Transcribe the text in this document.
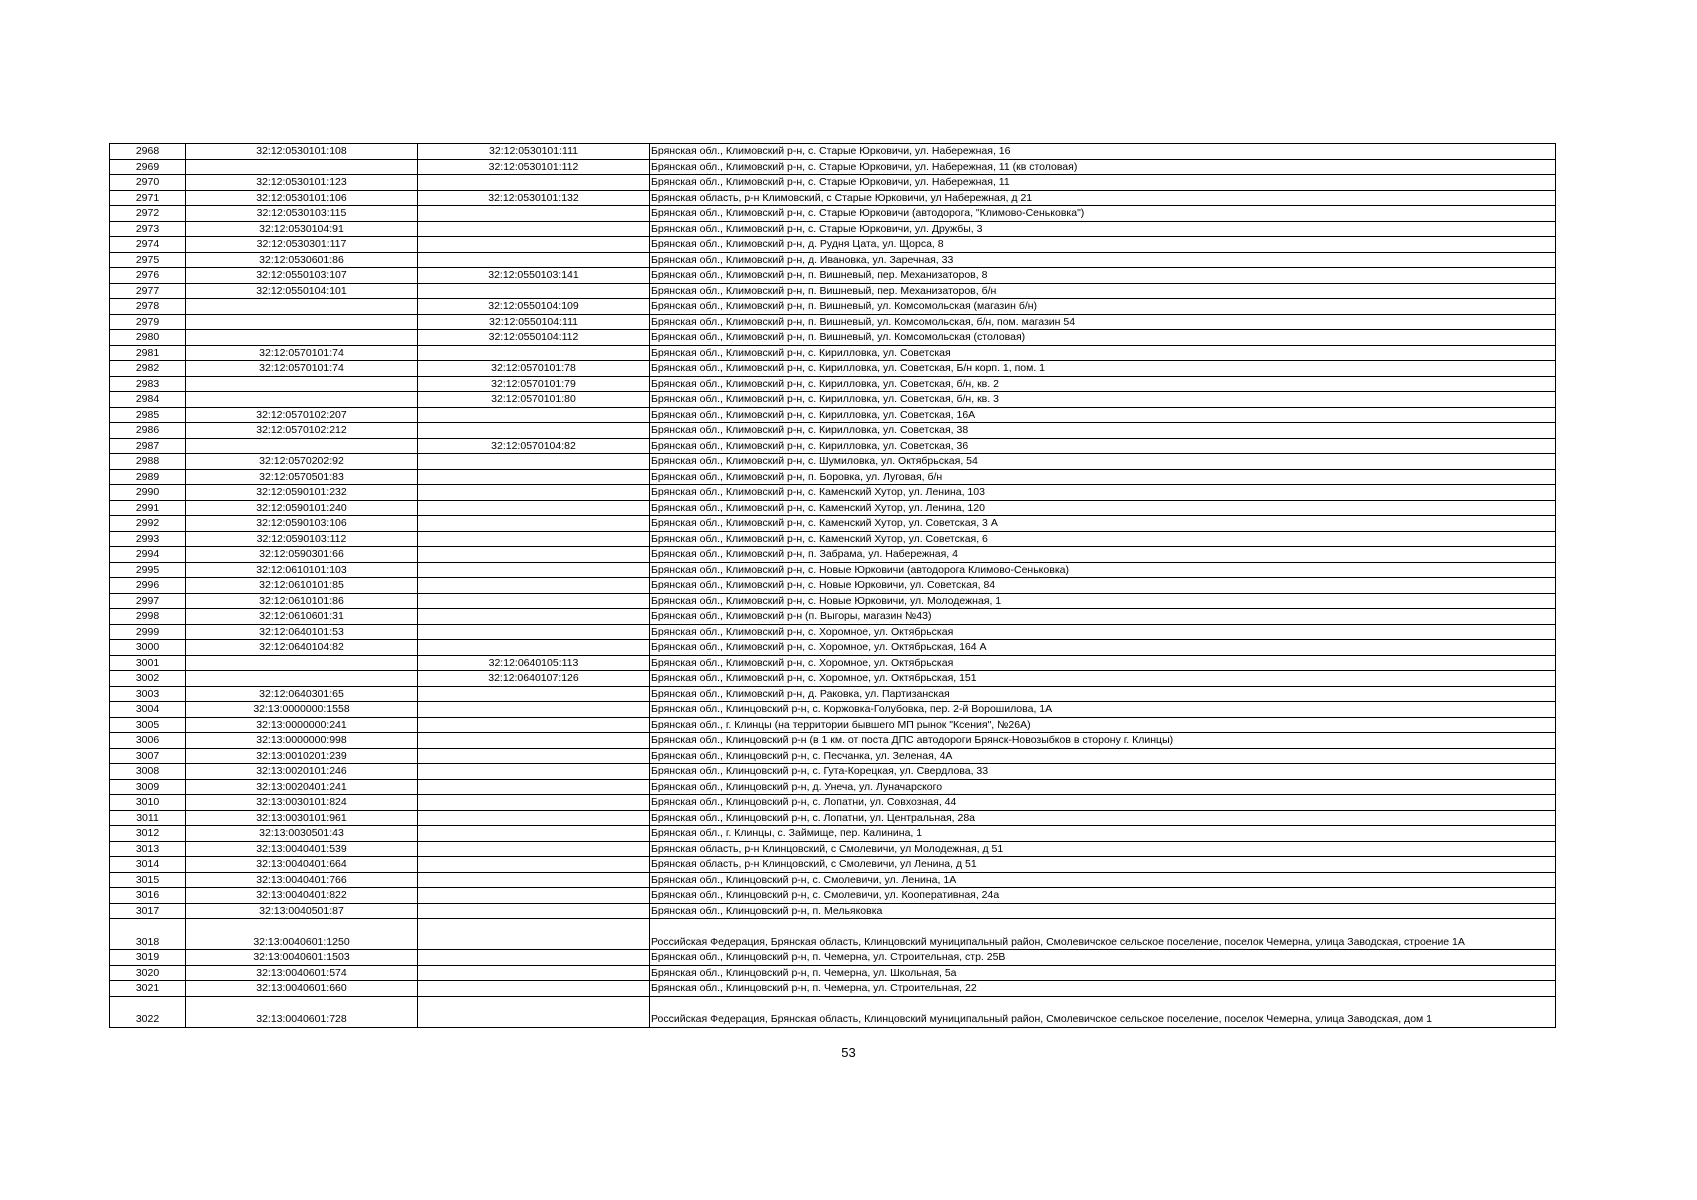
2968	32:12:0530101:108	32:12:0530101:111	Брянская обл., Климовский р-н, с. Старые Юрковичи, ул. Набережная, 16
2969		32:12:0530101:112	Брянская обл., Климовский р-н, с. Старые Юрковичи, ул. Набережная, 11 (кв столовая)
2970	32:12:0530101:123		Брянская обл., Климовский р-н, с. Старые Юрковичи, ул. Набережная, 11
2971	32:12:0530101:106	32:12:0530101:132	Брянская область, р-н Климовский, с Старые Юрковичи, ул Набережная, д 21
2972	32:12:0530103:115		Брянская обл., Климовский р-н, с. Старые Юрковичи (автодорога, "Климово-Сеньковка")
2973	32:12:0530104:91		Брянская обл., Климовский р-н, с. Старые Юрковичи, ул. Дружбы, 3
2974	32:12:0530301:117		Брянская обл., Климовский р-н, д. Рудня Цата, ул. Щорса, 8
2975	32:12:0530601:86		Брянская обл., Климовский р-н, д. Ивановка, ул. Заречная, 33
2976	32:12:0550103:107	32:12:0550103:141	Брянская обл., Климовский р-н, п. Вишневый, пер. Механизаторов, 8
2977	32:12:0550104:101		Брянская обл., Климовский р-н, п. Вишневый, пер. Механизаторов, б/н
2978		32:12:0550104:109	Брянская обл., Климовский р-н, п. Вишневый, ул. Комсомольская (магазин б/н)
2979		32:12:0550104:111	Брянская обл., Климовский р-н, п. Вишневый, ул. Комсомольская, б/н, пом. магазин 54
2980		32:12:0550104:112	Брянская обл., Климовский р-н, п. Вишневый, ул. Комсомольская (столовая)
2981	32:12:0570101:74		Брянская обл., Климовский р-н, с. Кирилловка, ул. Советская
2982	32:12:0570101:74	32:12:0570101:78	Брянская обл., Климовский р-н, с. Кирилловка, ул. Советская, Б/н корп. 1, пом. 1
2983		32:12:0570101:79	Брянская обл., Климовский р-н, с. Кирилловка, ул. Советская, б/н, кв. 2
2984		32:12:0570101:80	Брянская обл., Климовский р-н, с. Кирилловка, ул. Советская, б/н, кв. 3
2985	32:12:0570102:207		Брянская обл., Климовский р-н, с. Кирилловка, ул. Советская, 16А
2986	32:12:0570102:212		Брянская обл., Климовский р-н, с. Кирилловка, ул. Советская, 38
2987		32:12:0570104:82	Брянская обл., Климовский р-н, с. Кирилловка, ул. Советская, 36
2988	32:12:0570202:92		Брянская обл., Климовский р-н, с. Шумиловка, ул. Октябрьская, 54
2989	32:12:0570501:83		Брянская обл., Климовский р-н, п. Боровка, ул. Луговая, б/н
2990	32:12:0590101:232		Брянская обл., Климовский р-н, с. Каменский Хутор, ул. Ленина, 103
2991	32:12:0590101:240		Брянская обл., Климовский р-н, с. Каменский Хутор, ул. Ленина, 120
2992	32:12:0590103:106		Брянская обл., Климовский р-н, с. Каменский Хутор, ул. Советская, 3 А
2993	32:12:0590103:112		Брянская обл., Климовский р-н, с. Каменский Хутор, ул. Советская, 6
2994	32:12:0590301:66		Брянская обл., Климовский р-н, п. Забрама, ул. Набережная, 4
2995	32:12:0610101:103		Брянская обл., Климовский р-н, с. Новые Юрковичи (автодорога Климово-Сеньковка)
2996	32:12:0610101:85		Брянская обл., Климовский р-н, с. Новые Юрковичи, ул. Советская, 84
2997	32:12:0610101:86		Брянская обл., Климовский р-н, с. Новые Юрковичи, ул. Молодежная, 1
2998	32:12:0610601:31		Брянская обл., Климовский р-н (п. Выгоры, магазин №43)
2999	32:12:0640101:53		Брянская обл., Климовский р-н, с. Хоромное, ул. Октябрьская
3000	32:12:0640104:82		Брянская обл., Климовский р-н, с. Хоромное, ул. Октябрьская, 164 А
3001		32:12:0640105:113	Брянская обл., Климовский р-н, с. Хоромное, ул. Октябрьская
3002		32:12:0640107:126	Брянская обл., Климовский р-н, с. Хоромное, ул. Октябрьская, 151
3003	32:12:0640301:65		Брянская обл., Климовский р-н, д. Раковка, ул. Партизанская
3004	32:13:0000000:1558		Брянская обл., Клинцовский р-н, с. Коржовка-Голубовка, пер. 2-й Ворошилова, 1А
3005	32:13:0000000:241		Брянская обл., г. Клинцы (на территории бывшего МП рынок "Ксения", №26А)
3006	32:13:0000000:998		Брянская обл., Клинцовский р-н (в 1 км. от поста ДПС автодороги Брянск-Новозыбков в сторону г. Клинцы)
3007	32:13:0010201:239		Брянская обл., Клинцовский р-н, с. Песчанка, ул. Зеленая, 4А
3008	32:13:0020101:246		Брянская обл., Клинцовский р-н, с. Гута-Корецкая, ул. Свердлова, 33
3009	32:13:0020401:241		Брянская обл., Клинцовский р-н, д. Унеча, ул. Луначарского
3010	32:13:0030101:824		Брянская обл., Клинцовский р-н, с. Лопатни, ул. Совхозная, 44
3011	32:13:0030101:961		Брянская обл., Клинцовский р-н, с. Лопатни, ул. Центральная, 28а
3012	32:13:0030501:43		Брянская обл., г. Клинцы, с. Займище, пер. Калинина, 1
3013	32:13:0040401:539		Брянская область, р-н Клинцовский, с Смолевичи, ул Молодежная, д 51
3014	32:13:0040401:664		Брянская область, р-н Клинцовский, с Смолевичи, ул Ленина, д 51
3015	32:13:0040401:766		Брянская обл., Клинцовский р-н, с. Смолевичи, ул. Ленина, 1А
3016	32:13:0040401:822		Брянская обл., Клинцовский р-н, с. Смолевичи, ул. Кооперативная, 24а
3017	32:13:0040501:87		Брянская обл., Клинцовский р-н, п. Мельяковка
3018	32:13:0040601:1250		Российская Федерация, Брянская область, Клинцовский муниципальный район, Смолевичское сельское поселение, поселок Чемерна, улица Заводская, строение 1А
3019	32:13:0040601:1503		Брянская обл., Клинцовский р-н, п. Чемерна, ул. Строительная, стр. 25В
3020	32:13:0040601:574		Брянская обл., Клинцовский р-н, п. Чемерна, ул. Школьная, 5а
3021	32:13:0040601:660		Брянская обл., Клинцовский р-н, п. Чемерна, ул. Строительная, 22
3022	32:13:0040601:728		Российская Федерация, Брянская область, Клинцовский муниципальный район, Смолевичское сельское поселение, поселок Чемерна, улица Заводская, дом 1
53
